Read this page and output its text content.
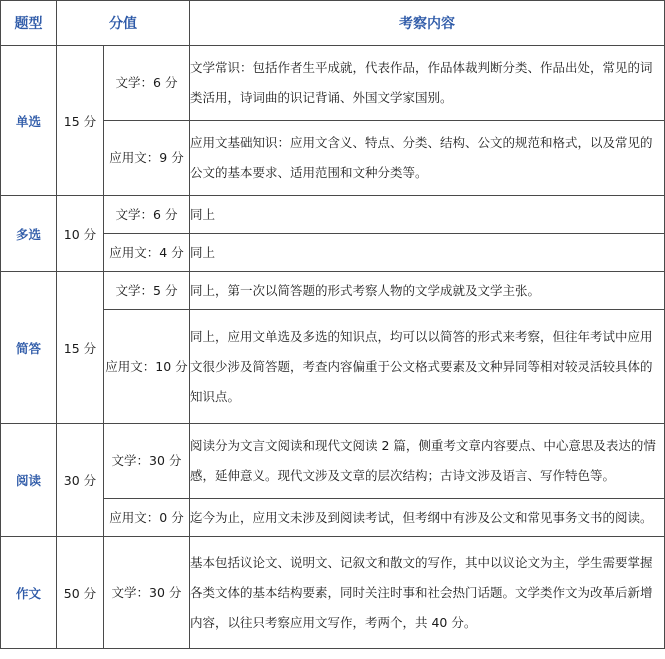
题型	分值		考察内容
单选	15 分	文学：6 分	文学常识：包括作者生平成就，代表作品，作品体裁判断分类、作品出处，常见的词类活用，诗词曲的识记背诵、外国文学家国别。
		应用文：9 分	应用文基础知识：应用文含义、特点、分类、结构、公文的规范和格式，以及常见的公文的基本要求、适用范围和文种分类等。
多选	10 分	文学：6 分	同上
		应用文：4 分	同上
简答	15 分	文学：5 分	同上，第一次以简答题的形式考察人物的文学成就及文学主张。
		应用文：10 分	同上，应用文单选及多选的知识点，均可以以简答的形式来考察，但往年考试中应用文很少涉及简答题，考查内容偏重于公文格式要素及文种异同等相对较灵活较具体的知识点。
阅读	30 分	文学：30 分	阅读分为文言文阅读和现代文阅读 2 篇，侧重考文章内容要点、中心意思及表达的情感，延伸意义。现代文涉及文章的层次结构；古诗文涉及语言、写作特色等。
		应用文：0 分	迄今为止，应用文未涉及到阅读考试，但考纲中有涉及公文和常见事务文书的阅读。
作文	50 分	文学：30 分	基本包括议论文、说明文、记叙文和散文的写作，其中以议论文为主，学生需要掌握各类文体的基本结构要素，同时关注时事和社会热门话题。文学类作文为改革后新增内容，以往只考察应用文写作，考两个，共 40 分。
